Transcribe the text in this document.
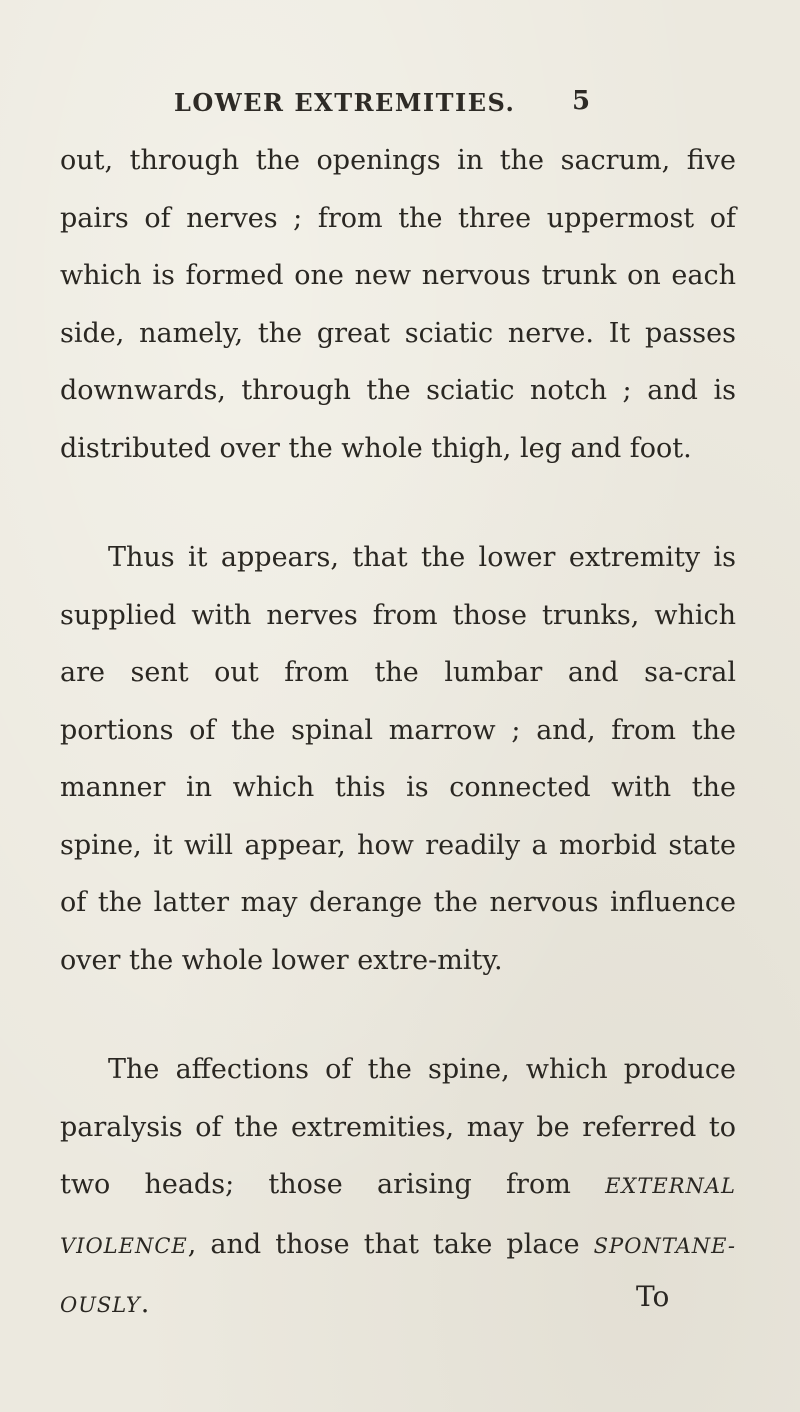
LOWER EXTREMITIES. 5

out, through the openings in the sacrum, five pairs of nerves ; from the three uppermost of which is formed one new nervous trunk on each side, namely, the great sciatic nerve. It passes downwards, through the sciatic notch ; and is distributed over the whole thigh, leg and foot.

Thus it appears, that the lower extremity is supplied with nerves from those trunks, which are sent out from the lumbar and sa-cral portions of the spinal marrow ; and, from the manner in which this is connected with the spine, it will appear, how readily a morbid state of the latter may derange the nervous influence over the whole lower extre-mity.

The affections of the spine, which produce paralysis of the extremities, may be referred to two heads; those arising from EXTERNAL VIOLENCE, and those that take place SPONTANE-OUSLY.	To
